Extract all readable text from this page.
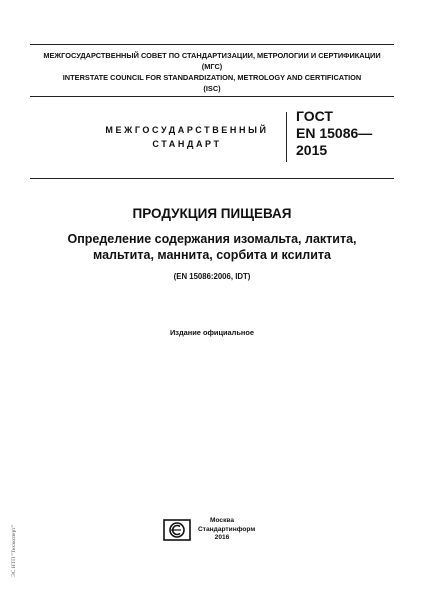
МЕЖГОСУДАРСТВЕННЫЙ СОВЕТ ПО СТАНДАРТИЗАЦИИ, МЕТРОЛОГИИ И СЕРТИФИКАЦИИ
(МГС)
INTERSTATE COUNCIL FOR STANDARDIZATION, METROLOGY AND CERTIFICATION
(ISC)
МЕЖГОСУДАРСТВЕННЫЙ
СТАНДАРТ
ГОСТ
EN 15086—
2015
ПРОДУКЦИЯ ПИЩЕВАЯ
Определение содержания изомальта, лактита,
мальтита, маннита, сорбита и ксилита
(EN 15086:2006, IDT)
Издание официальное
Москва
Стандартинформ
2016
ЭС НТП "Техэксперт"
